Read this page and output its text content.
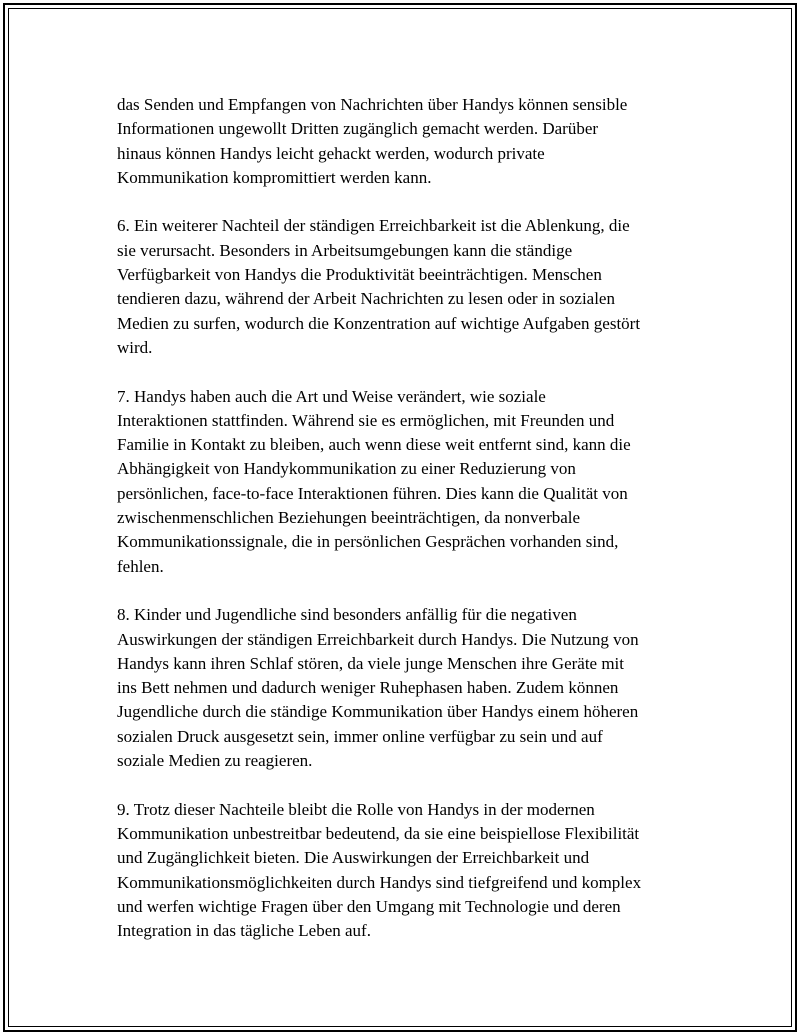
das Senden und Empfangen von Nachrichten über Handys können sensible
Informationen ungewollt Dritten zugänglich gemacht werden. Darüber
hinaus können Handys leicht gehackt werden, wodurch private
Kommunikation kompromittiert werden kann.

6. Ein weiterer Nachteil der ständigen Erreichbarkeit ist die Ablenkung, die
sie verursacht. Besonders in Arbeitsumgebungen kann die ständige
Verfügbarkeit von Handys die Produktivität beeinträchtigen. Menschen
tendieren dazu, während der Arbeit Nachrichten zu lesen oder in sozialen
Medien zu surfen, wodurch die Konzentration auf wichtige Aufgaben gestört
wird.

7. Handys haben auch die Art und Weise verändert, wie soziale
Interaktionen stattfinden. Während sie es ermöglichen, mit Freunden und
Familie in Kontakt zu bleiben, auch wenn diese weit entfernt sind, kann die
Abhängigkeit von Handykommunikation zu einer Reduzierung von
persönlichen, face-to-face Interaktionen führen. Dies kann die Qualität von
zwischenmenschlichen Beziehungen beeinträchtigen, da nonverbale
Kommunikationssignale, die in persönlichen Gesprächen vorhanden sind,
fehlen.

8. Kinder und Jugendliche sind besonders anfällig für die negativen
Auswirkungen der ständigen Erreichbarkeit durch Handys. Die Nutzung von
Handys kann ihren Schlaf stören, da viele junge Menschen ihre Geräte mit
ins Bett nehmen und dadurch weniger Ruhephasen haben. Zudem können
Jugendliche durch die ständige Kommunikation über Handys einem höheren
sozialen Druck ausgesetzt sein, immer online verfügbar zu sein und auf
soziale Medien zu reagieren.

9. Trotz dieser Nachteile bleibt die Rolle von Handys in der modernen
Kommunikation unbestreitbar bedeutend, da sie eine beispiellose Flexibilität
und Zugänglichkeit bieten. Die Auswirkungen der Erreichbarkeit und
Kommunikationsmöglichkeiten durch Handys sind tiefgreifend und komplex
und werfen wichtige Fragen über den Umgang mit Technologie und deren
Integration in das tägliche Leben auf.
